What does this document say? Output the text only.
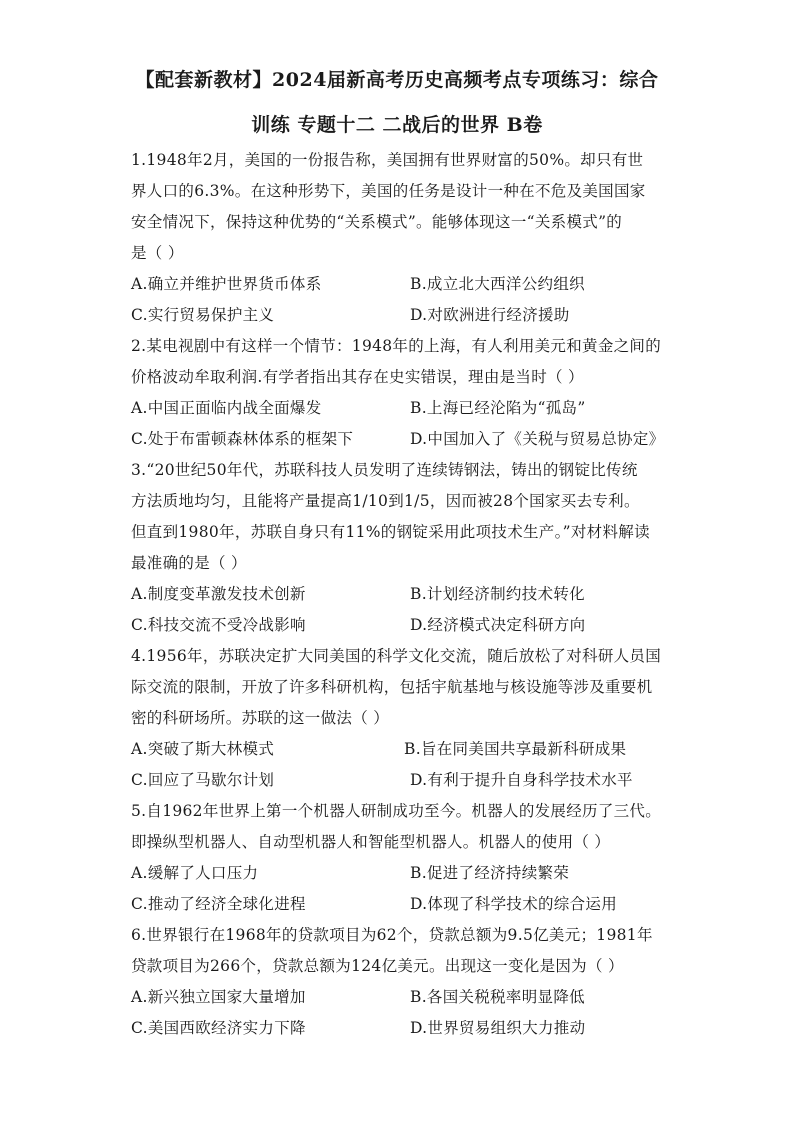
【配套新教材】2024届新高考历史高频考点专项练习：综合
训练 专题十二 二战后的世界 B卷
1.1948年2月，美国的一份报告称，美国拥有世界财富的50%。却只有世
界人口的6.3%。在这种形势下，美国的任务是设计一种在不危及美国国家
安全情况下，保持这种优势的“关系模式”。能够体现这一“关系模式”的
是（ ）
A.确立并维护世界货币体系	B.成立北大西洋公约组织
C.实行贸易保护主义	D.对欧洲进行经济援助
2.某电视剧中有这样一个情节：1948年的上海，有人利用美元和黄金之间的
价格波动牟取利润.有学者指出其存在史实错误，理由是当时（ ）
A.中国正面临内战全面爆发	B.上海已经沦陷为“孤岛”
C.处于布雷顿森林体系的框架下	D.中国加入了《关税与贸易总协定》
3.“20世纪50年代，苏联科技人员发明了连续铸钢法，铸出的钢锭比传统
方法质地均匀，且能将产量提高1/10到1/5，因而被28个国家买去专利。
但直到1980年，苏联自身只有11%的钢锭采用此项技术生产。”对材料解读
最准确的是（ ）
A.制度变革激发技术创新	B.计划经济制约技术转化
C.科技交流不受冷战影响	D.经济模式决定科研方向
4.1956年，苏联决定扩大同美国的科学文化交流，随后放松了对科研人员国
际交流的限制，开放了许多科研机构，包括宇航基地与核设施等涉及重要机
密的科研场所。苏联的这一做法（ ）
A.突破了斯大林模式	B.旨在同美国共享最新科研成果
C.回应了马歇尔计划	D.有利于提升自身科学技术水平
5.自1962年世界上第一个机器人研制成功至今。机器人的发展经历了三代。
即操纵型机器人、自动型机器人和智能型机器人。机器人的使用（ ）
A.缓解了人口压力	B.促进了经济持续繁荣
C.推动了经济全球化进程	D.体现了科学技术的综合运用
6.世界银行在1968年的贷款项目为62个，贷款总额为9.5亿美元；1981年
贷款项目为266个，贷款总额为124亿美元。出现这一变化是因为（ ）
A.新兴独立国家大量增加	B.各国关税税率明显降低
C.美国西欧经济实力下降	D.世界贸易组织大力推动
